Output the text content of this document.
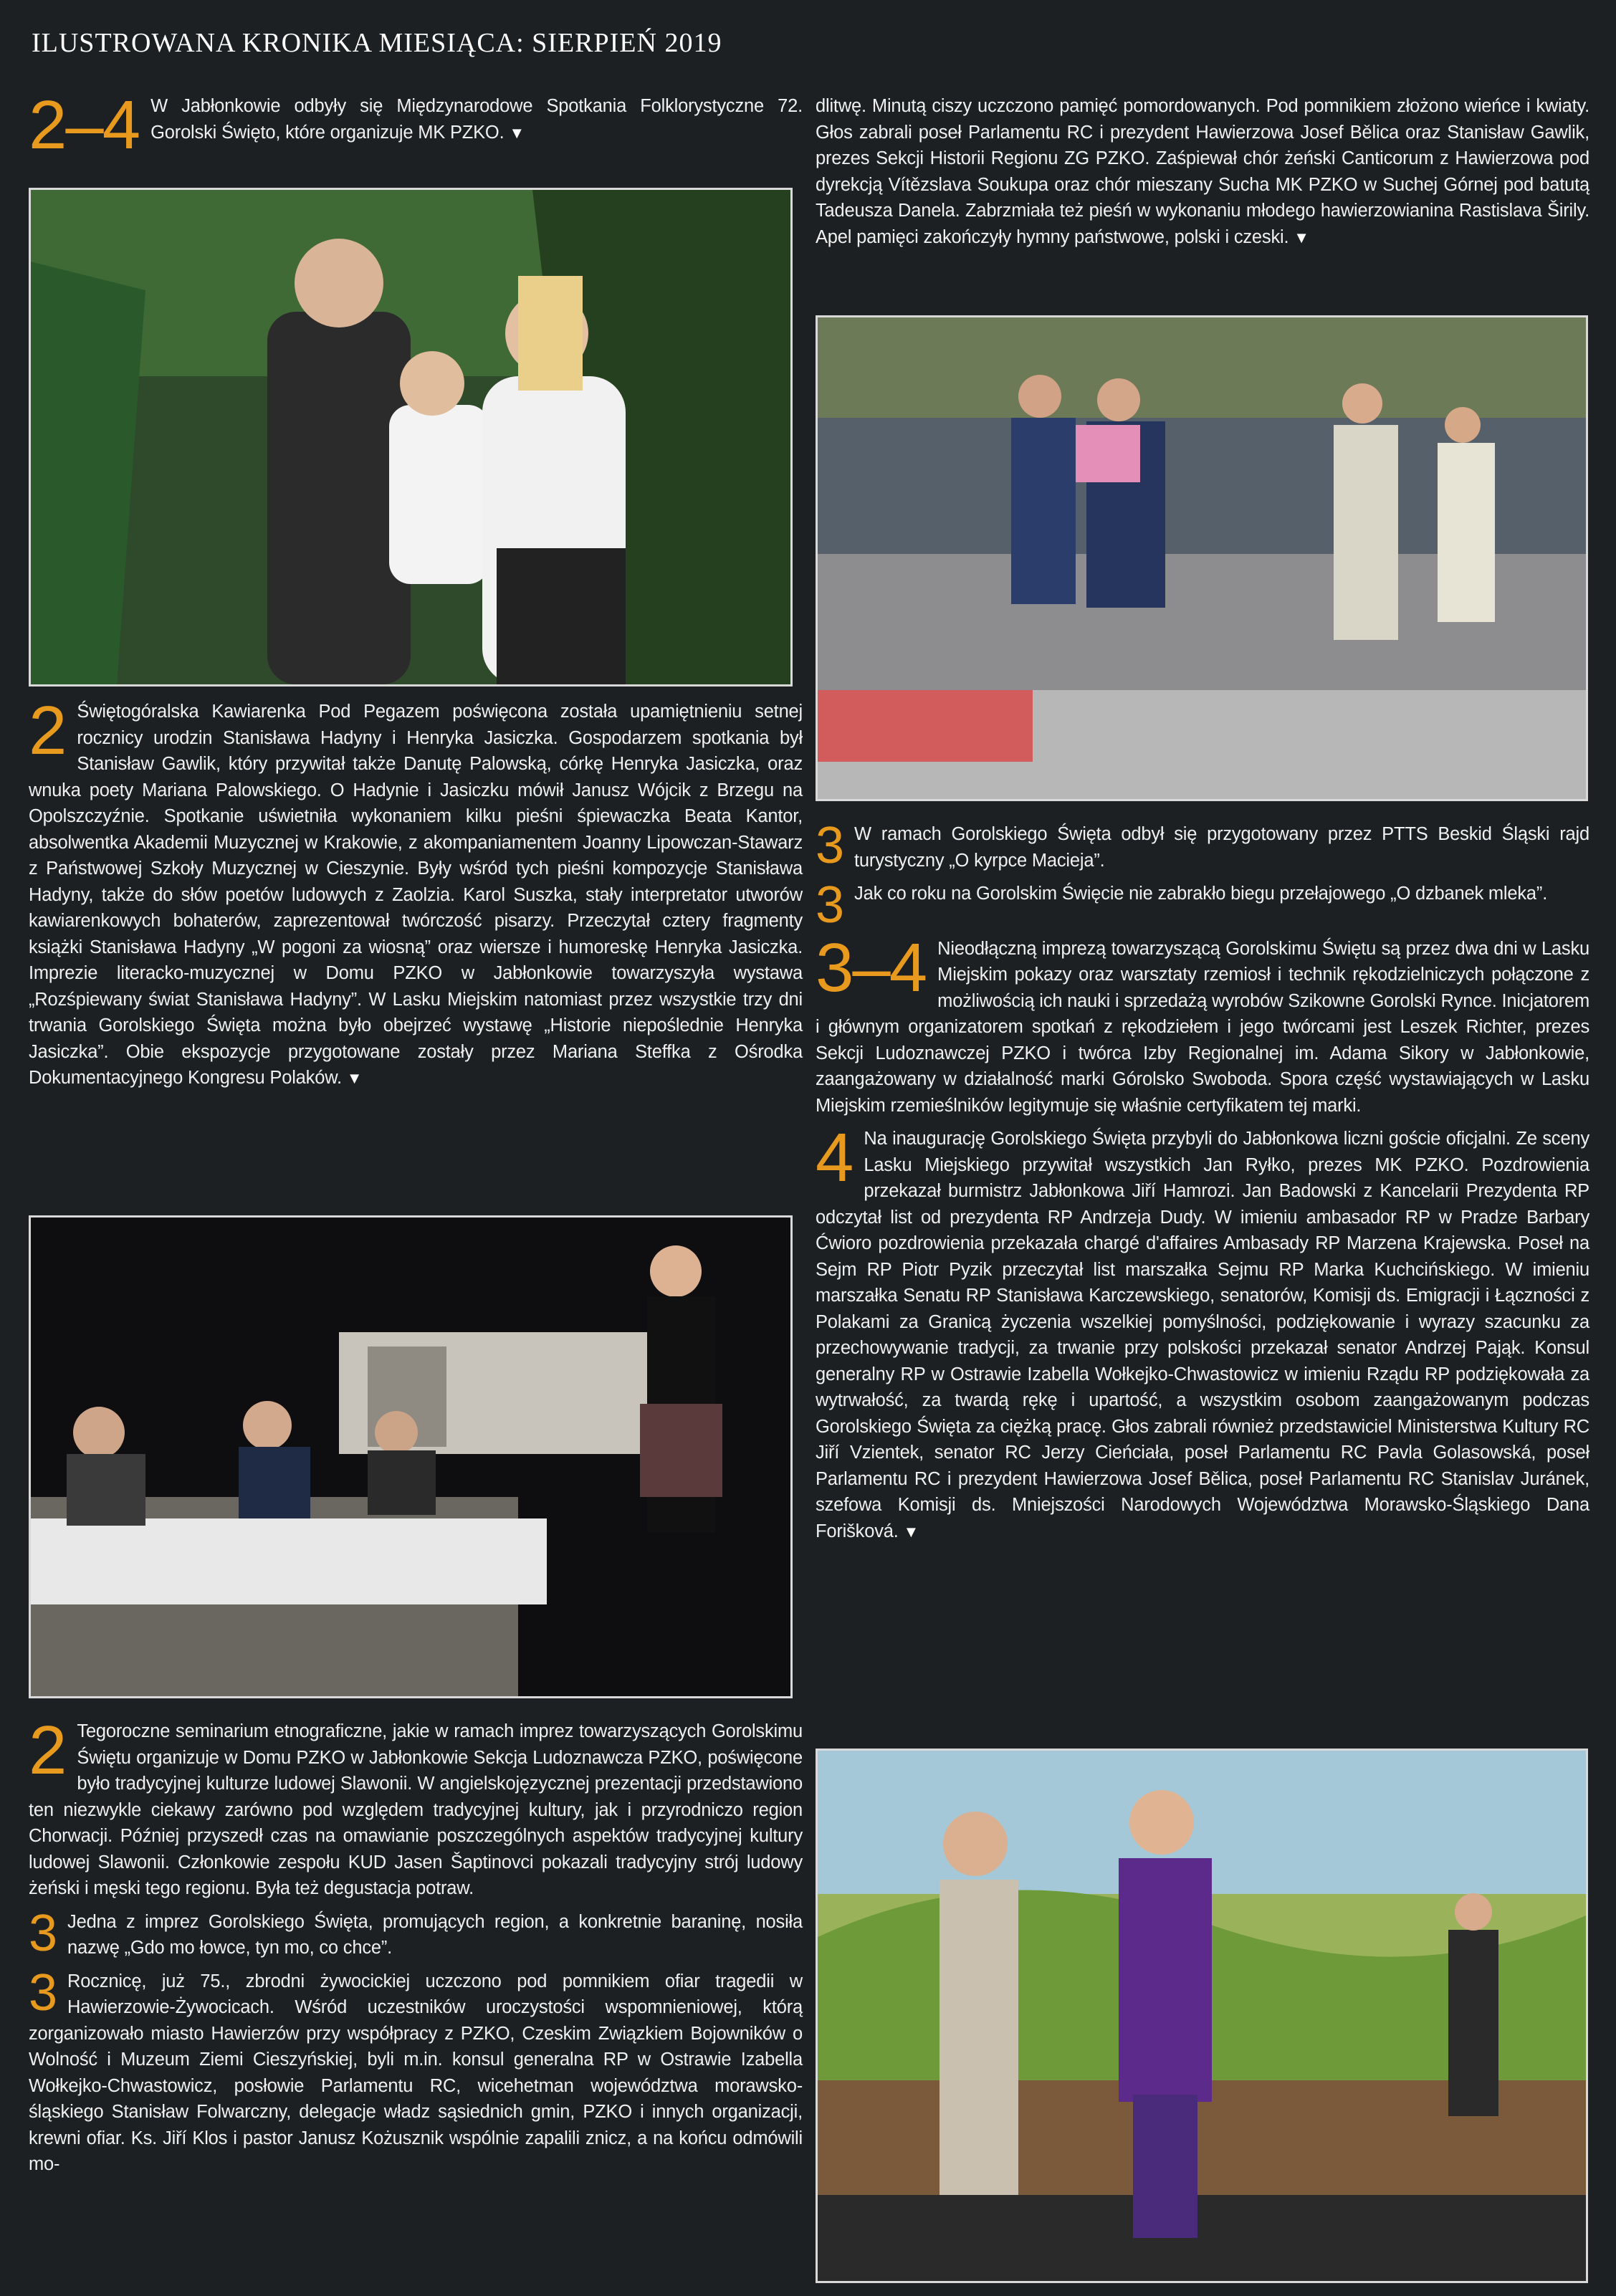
ILUSTROWANA KRONIKA MIESIĄCA: SIERPIEŃ 2019
2–4 W Jabłonkowie odbyły się Międzynarodowe Spotkania Folklorystyczne 72. Gorolski Święto, które organizuje MK PZKO. ▼
2 Świętogóralska Kawiarenka Pod Pegazem poświęcona została upamiętnieniu setnej rocznicy urodzin Stanisława Hadyny i Henryka Jasiczka. Gospodarzem spotkania był Stanisław Gawlik, który przywitał także Danutę Palowską, córkę Henryka Jasiczka, oraz wnuka poety Mariana Palowskiego. O Hadynie i Jasiczku mówił Janusz Wójcik z Brzegu na Opolszczyźnie. Spotkanie uświetniła wykonaniem kilku pieśni śpiewaczka Beata Kantor, absolwentka Akademii Muzycznej w Krakowie, z akompaniamentem Joanny Lipowczan-Stawarz z Państwowej Szkoły Muzycznej w Cieszynie. Były wśród tych pieśni kompozycje Stanisława Hadyny, także do słów poetów ludowych z Zaolzia. Karol Suszka, stały interpretator utworów kawiarenkowych bohaterów, zaprezentował twórczość pisarzy. Przeczytał cztery fragmenty książki Stanisława Hadyny „W pogoni za wiosną” oraz wiersze i humoreskę Henryka Jasiczka. Imprezie literacko-muzycznej w Domu PZKO w Jabłonkowie towarzyszyła wystawa „Rozśpiewany świat Stanisława Hadyny”. W Lasku Miejskim natomiast przez wszystkie trzy dni trwania Gorolskiego Święta można było obejrzeć wystawę „Historie niepoślednie Henryka Jasiczka”. Obie ekspozycje przygotowane zostały przez Mariana Steffka z Ośrodka Dokumentacyjnego Kongresu Polaków. ▼
2 Tegoroczne seminarium etnograficzne, jakie w ramach imprez towarzyszących Gorolskimu Świętu organizuje w Domu PZKO w Jabłonkowie Sekcja Ludoznawcza PZKO, poświęcone było tradycyjnej kulturze ludowej Slawonii. W angielskojęzycznej prezentacji przedstawiono ten niezwykle ciekawy zarówno pod względem tradycyjnej kultury, jak i przyrodniczo region Chorwacji. Później przyszedł czas na omawianie poszczególnych aspektów tradycyjnej kultury ludowej Slawonii. Członkowie zespołu KUD Jasen Šaptinovci pokazali tradycyjny strój ludowy żeński i męski tego regionu. Była też degustacja potraw.
3 Jedna z imprez Gorolskiego Święta, promujących region, a konkretnie baraninę, nosiła nazwę „Gdo mo łowce, tyn mo, co chce”.
3 Rocznicę, już 75., zbrodni żywocickiej uczczono pod pomnikiem ofiar tragedii w Hawierzowie-Żywocicach. Wśród uczestników uroczystości wspomnieniowej, którą zorganizowało miasto Hawierzów przy współpracy z PZKO, Czeskim Związkiem Bojowników o Wolność i Muzeum Ziemi Cieszyńskiej, byli m.in. konsul generalna RP w Ostrawie Izabella Wołkejko-Chwastowicz, posłowie Parlamentu RC, wicehetman województwa morawsko-śląskiego Stanisław Folwarczny, delegacje władz sąsiednich gmin, PZKO i innych organizacji, krewni ofiar. Ks. Jiří Klos i pastor Janusz Kożusznik wspólnie zapalili znicz, a na końcu odmówili mo-
dlitwę. Minutą ciszy uczczono pamięć pomordowanych. Pod pomnikiem złożono wieńce i kwiaty. Głos zabrali poseł Parlamentu RC i prezydent Hawierzowa Josef Bělica oraz Stanisław Gawlik, prezes Sekcji Historii Regionu ZG PZKO. Zaśpiewał chór żeński Canticorum z Hawierzowa pod dyrekcją Vítězslava Soukupa oraz chór mieszany Sucha MK PZKO w Suchej Górnej pod batutą Tadeusza Danela. Zabrzmiała też pieśń w wykonaniu młodego hawierzowianina Rastislava Širily. Apel pamięci zakończyły hymny państwowe, polski i czeski. ▼
3 W ramach Gorolskiego Święta odbył się przygotowany przez PTTS Beskid Śląski rajd turystyczny „O kyrpce Macieja”.
3 Jak co roku na Gorolskim Święcie nie zabrakło biegu przełajowego „O dzbanek mleka”.
3–4 Nieodłączną imprezą towarzyszącą Gorolskimu Świętu są przez dwa dni w Lasku Miejskim pokazy oraz warsztaty rzemiosł i technik rękodzielniczych połączone z możliwością ich nauki i sprzedażą wyrobów Szikowne Gorolski Rynce. Inicjatorem i głównym organizatorem spotkań z rękodziełem i jego twórcami jest Leszek Richter, prezes Sekcji Ludoznawczej PZKO i twórca Izby Regionalnej im. Adama Sikory w Jabłonkowie, zaangażowany w działalność marki Górolsko Swoboda. Spora część wystawiających w Lasku Miejskim rzemieślników legitymuje się właśnie certyfikatem tej marki.
4 Na inaugurację Gorolskiego Święta przybyli do Jabłonkowa liczni goście oficjalni. Ze sceny Lasku Miejskiego przywitał wszystkich Jan Ryłko, prezes MK PZKO. Pozdrowienia przekazał burmistrz Jabłonkowa Jiří Hamrozi. Jan Badowski z Kancelarii Prezydenta RP odczytał list od prezydenta RP Andrzeja Dudy. W imieniu ambasador RP w Pradze Barbary Ćwioro pozdrowienia przekazała chargé d'affaires Ambasady RP Marzena Krajewska. Poseł na Sejm RP Piotr Pyzik przeczytał list marszałka Sejmu RP Marka Kuchcińskiego. W imieniu marszałka Senatu RP Stanisława Karczewskiego, senatorów, Komisji ds. Emigracji i Łączności z Polakami za Granicą życzenia wszelkiej pomyślności, podziękowanie i wyrazy szacunku za przechowywanie tradycji, za trwanie przy polskości przekazał senator Andrzej Pająk. Konsul generalny RP w Ostrawie Izabella Wołkejko-Chwastowicz w imieniu Rządu RP podziękowała za wytrwałość, za twardą rękę i upartość, a wszystkim osobom zaangażowanym podczas Gorolskiego Święta za ciężką pracę. Głos zabrali również przedstawiciel Ministerstwa Kultury RC Jiří Vzientek, senator RC Jerzy Cieńciała, poseł Parlamentu RC Pavla Golasowská, poseł Parlamentu RC i prezydent Hawierzowa Josef Bělica, poseł Parlamentu RC Stanislav Juránek, szefowa Komisji ds. Mniejszości Narodowych Województwa Morawsko-Śląskiego Dana Forišková. ▼
